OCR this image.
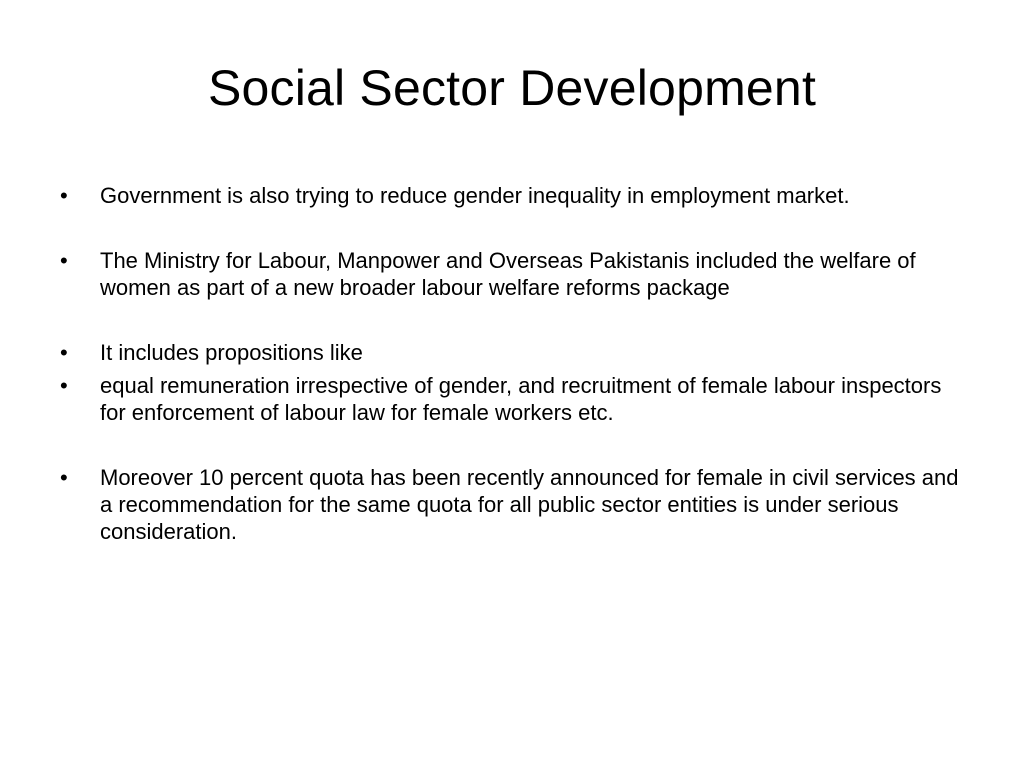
Social Sector Development
•	Government is also trying to reduce gender inequality in employment market.
•	The Ministry for Labour, Manpower and Overseas Pakistanis included the welfare of women as part of a new broader labour welfare reforms package
•	It includes propositions like
•	equal remuneration irrespective of gender, and recruitment of female labour inspectors for enforcement of labour law for female workers etc.
•	Moreover 10 percent quota has been recently announced for female in civil services and a recommendation for the same quota for all public sector entities is under serious consideration.
